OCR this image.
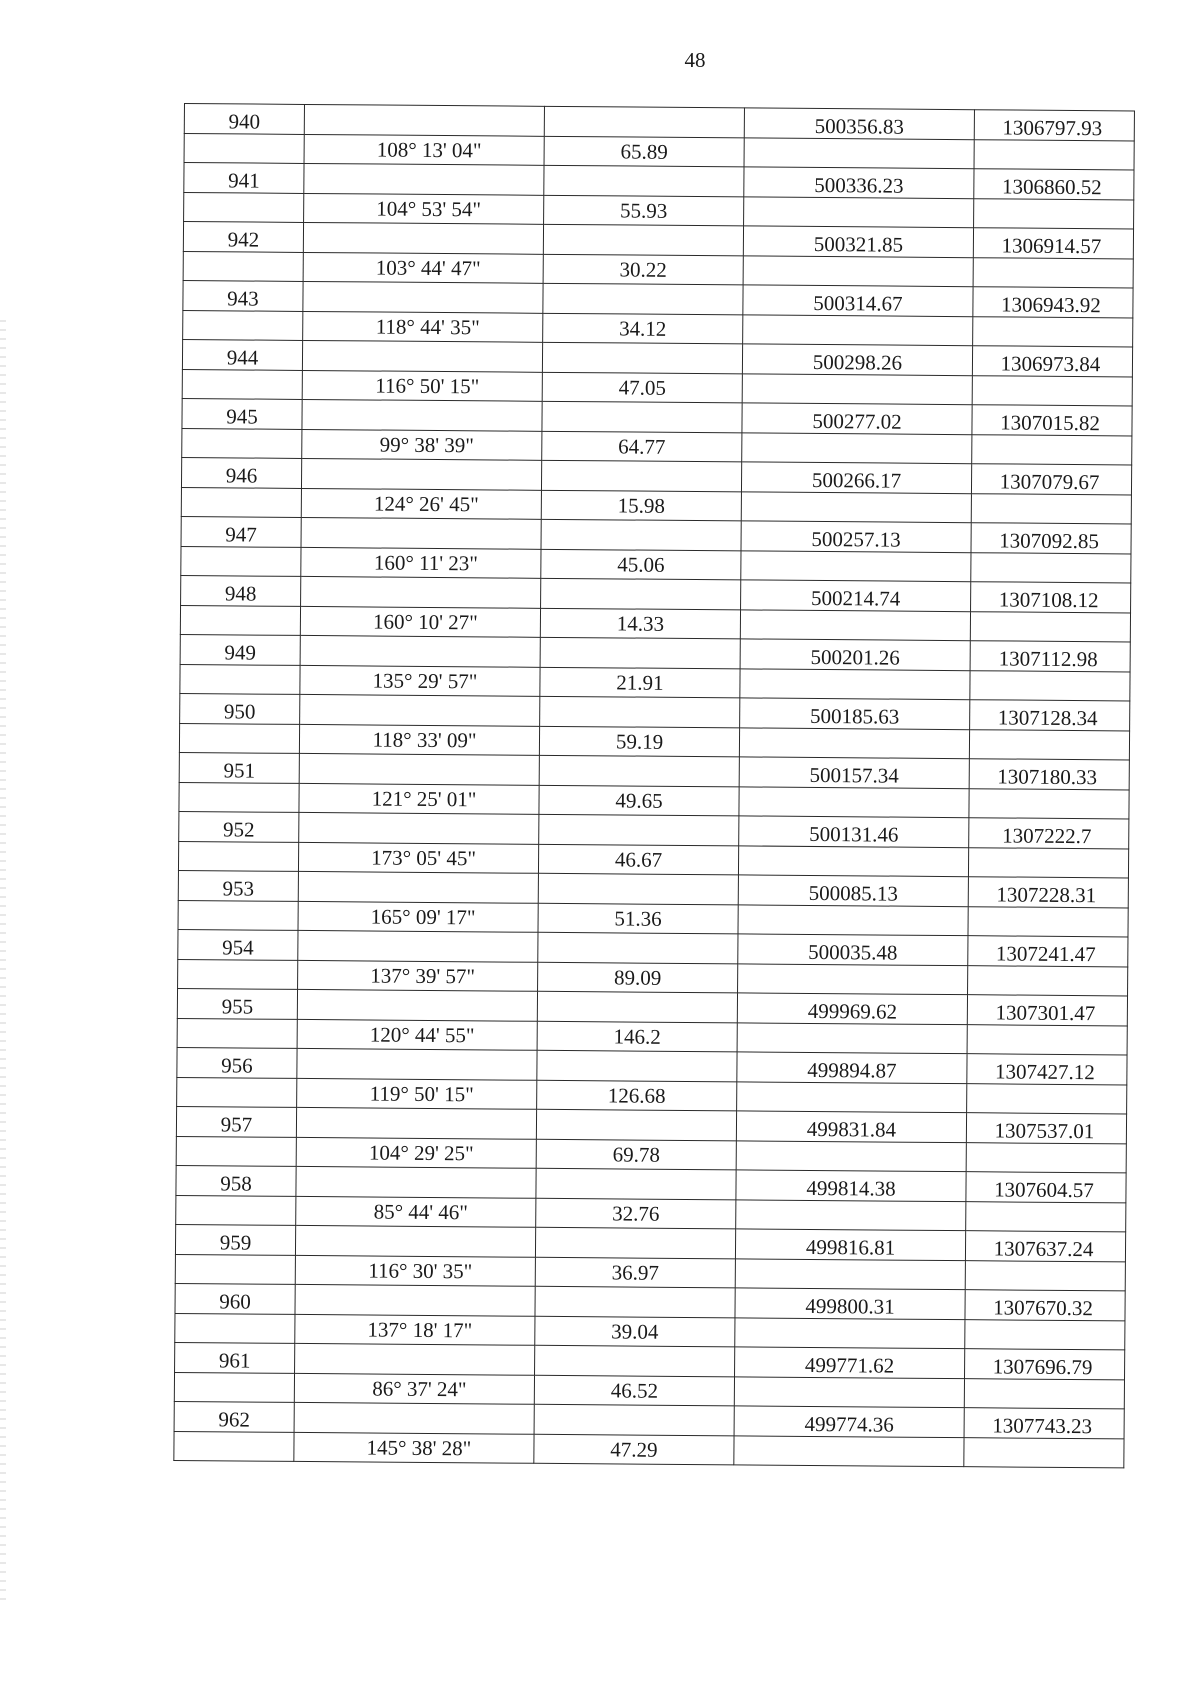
48
940			500356.83	1306797.93
	108° 13' 04"	65.89		
941			500336.23	1306860.52
	104° 53' 54"	55.93		
942			500321.85	1306914.57
	103° 44' 47"	30.22		
943			500314.67	1306943.92
	118° 44' 35"	34.12		
944			500298.26	1306973.84
	116° 50' 15"	47.05		
945			500277.02	1307015.82
	99° 38' 39"	64.77		
946			500266.17	1307079.67
	124° 26' 45"	15.98		
947			500257.13	1307092.85
	160° 11' 23"	45.06		
948			500214.74	1307108.12
	160° 10' 27"	14.33		
949			500201.26	1307112.98
	135° 29' 57"	21.91		
950			500185.63	1307128.34
	118° 33' 09"	59.19		
951			500157.34	1307180.33
	121° 25' 01"	49.65		
952			500131.46	1307222.7
	173° 05' 45"	46.67		
953			500085.13	1307228.31
	165° 09' 17"	51.36		
954			500035.48	1307241.47
	137° 39' 57"	89.09		
955			499969.62	1307301.47
	120° 44' 55"	146.2		
956			499894.87	1307427.12
	119° 50' 15"	126.68		
957			499831.84	1307537.01
	104° 29' 25"	69.78		
958			499814.38	1307604.57
	85° 44' 46"	32.76		
959			499816.81	1307637.24
	116° 30' 35"	36.97		
960			499800.31	1307670.32
	137° 18' 17"	39.04		
961			499771.62	1307696.79
	86° 37' 24"	46.52		
962			499774.36	1307743.23
	145° 38' 28"	47.29		
